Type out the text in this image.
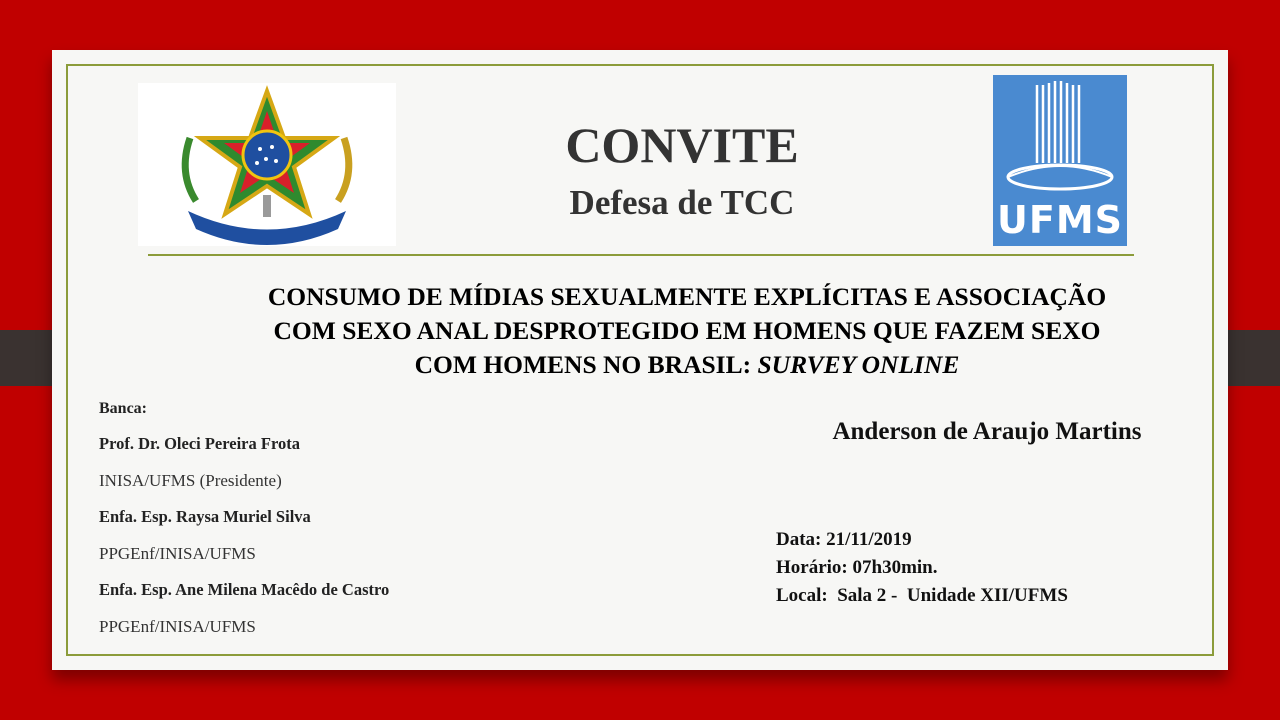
CONVITE
Defesa de TCC	UFMS
CONSUMO DE MÍDIAS SEXUALMENTE EXPLÍCITAS E ASSOCIAÇÃO
COM SEXO ANAL DESPROTEGIDO EM HOMENS QUE FAZEM SEXO
COM HOMENS NO BRASIL: SURVEY ONLINE
Banca:
Prof. Dr. Oleci Pereira Frota
INISA/UFMS (Presidente)
Enfa. Esp. Raysa Muriel Silva
PPGEnf/INISA/UFMS
Enfa. Esp. Ane Milena Macêdo de Castro
PPGEnf/INISA/UFMS
Anderson de Araujo Martins
Data: 21/11/2019
Horário: 07h30min.
Local:  Sala 2 -  Unidade XII/UFMS
